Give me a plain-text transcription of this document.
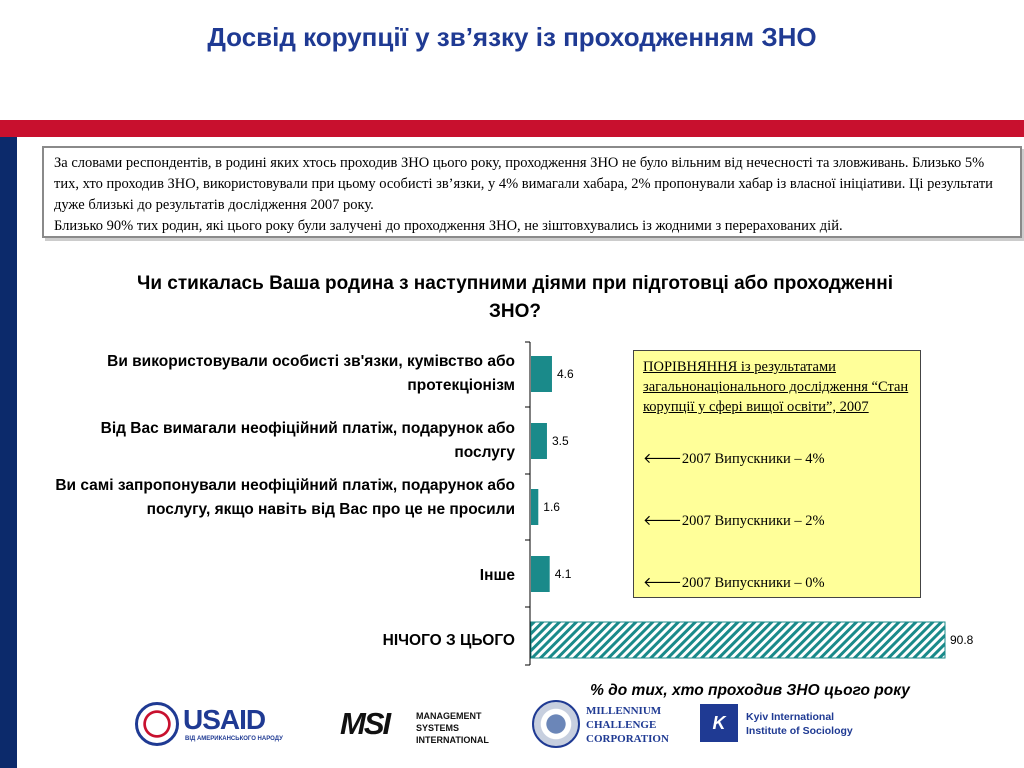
Досвід корупції у зв’язку із проходженням ЗНО

За словами респондентів, в родині яких хтось проходив ЗНО цього року, проходження ЗНО не було вільним від нечесності та зловживань. Близько 5% тих, хто проходив ЗНО, використовували при цьому особисті зв’язки, у 4% вимагали хабара, 2% пропонували хабар із власної ініціативи. Ці результати дуже близькі до результатів дослідження 2007 року.

Близько 90% тих родин, які цього року були залучені до проходження ЗНО, не зіштовхувались із жодними з перерахованих дій.

Чи стикалась Ваша родина з наступними діями при підготовці або проходженні ЗНО?
Ви використовували особисті зв'язки, кумівство або протекціонізм
Від Вас вимагали неофіційний платіж, подарунок або послугу
Ви самі запропонували неофіційний платіж, подарунок або послугу, якщо навіть від Вас про це не просили
Інше
НІЧОГО З ЦЬОГО
4.6
3.5
1.6
4.1
90.8
ПОРІВНЯННЯ із результатами загальнонаціонального дослідження “Стан корупції у сфері вищої освіти”, 2007
🡐2007 Випускники – 4%
🡐2007 Випускники – 2%
🡐2007 Випускники – 0%
% до тих, хто проходив ЗНО цього року
USAID
ВІД АМЕРИКАНСЬКОГО НАРОДУ MSI	MANAGEMENT
SYSTEMS
INTERNATIONAL
MILLENNIUM
CHALLENGE
CORPORATION
K	Kyiv International
Institute of Sociology
